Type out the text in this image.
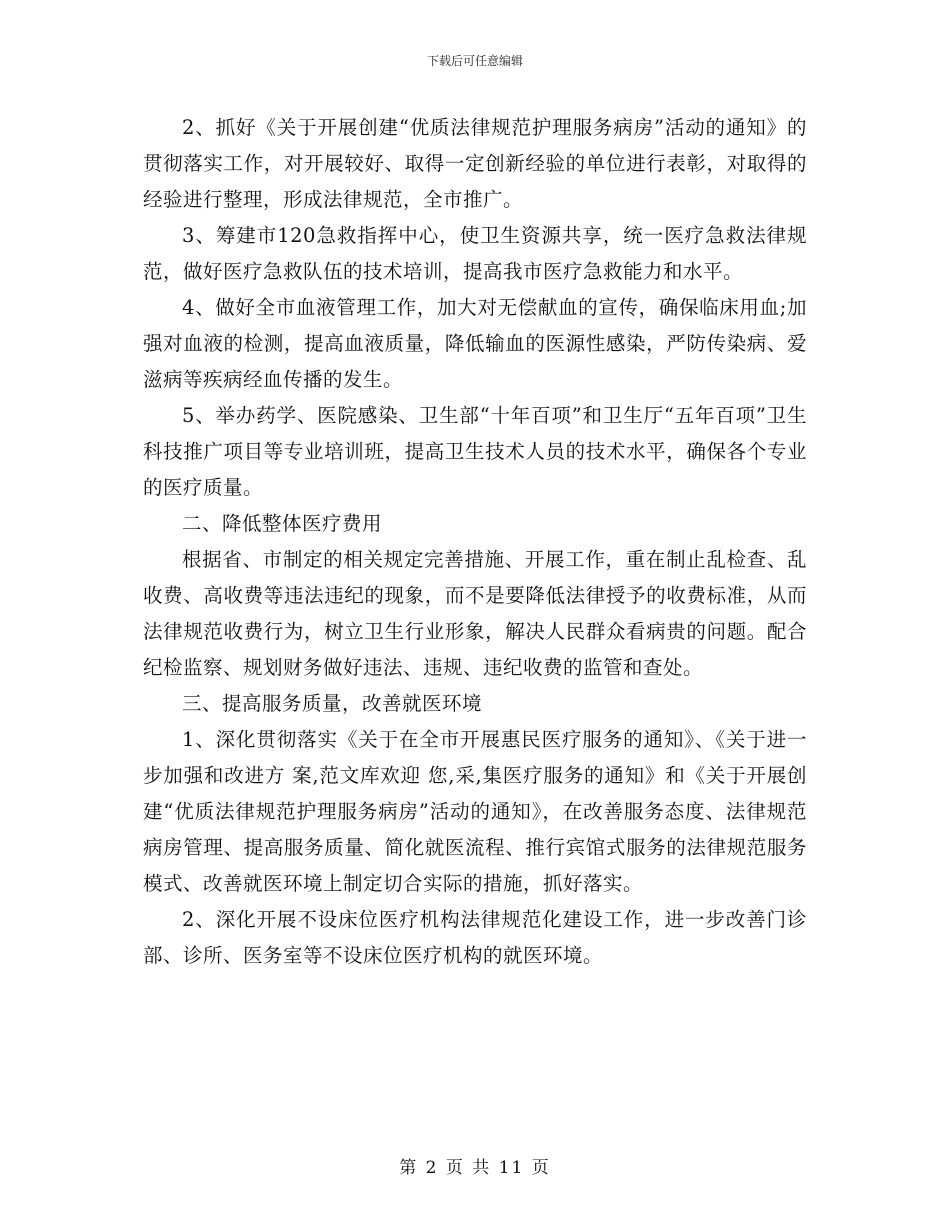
下载后可任意编辑

2、抓好《关于开展创建“优质法律规范护理服务病房”活动的通知》的贯彻落实工作，对开展较好、取得一定创新经验的单位进行表彰，对取得的经验进行整理，形成法律规范，全市推广。

3、筹建市120急救指挥中心，使卫生资源共享，统一医疗急救法律规范，做好医疗急救队伍的技术培训，提高我市医疗急救能力和水平。

4、做好全市血液管理工作，加大对无偿献血的宣传，确保临床用血;加强对血液的检测，提高血液质量，降低输血的医源性感染，严防传染病、爱滋病等疾病经血传播的发生。

5、举办药学、医院感染、卫生部“十年百项”和卫生厅“五年百项”卫生科技推广项目等专业培训班，提高卫生技术人员的技术水平，确保各个专业的医疗质量。

二、降低整体医疗费用

根据省、市制定的相关规定完善措施、开展工作，重在制止乱检查、乱收费、高收费等违法违纪的现象，而不是要降低法律授予的收费标准，从而法律规范收费行为，树立卫生行业形象，解决人民群众看病贵的问题。配合纪检监察、规划财务做好违法、违规、违纪收费的监管和查处。

三、提高服务质量，改善就医环境

1、深化贯彻落实《关于在全市开展惠民医疗服务的通知》、《关于进一步加强和改进方 案,范文库欢迎 您,采,集医疗服务的通知》和《关于开展创建“优质法律规范护理服务病房”活动的通知》，在改善服务态度、法律规范病房管理、提高服务质量、简化就医流程、推行宾馆式服务的法律规范服务模式、改善就医环境上制定切合实际的措施，抓好落实。

2、深化开展不设床位医疗机构法律规范化建设工作，进一步改善门诊部、诊所、医务室等不设床位医疗机构的就医环境。

第 2 页 共 11 页
